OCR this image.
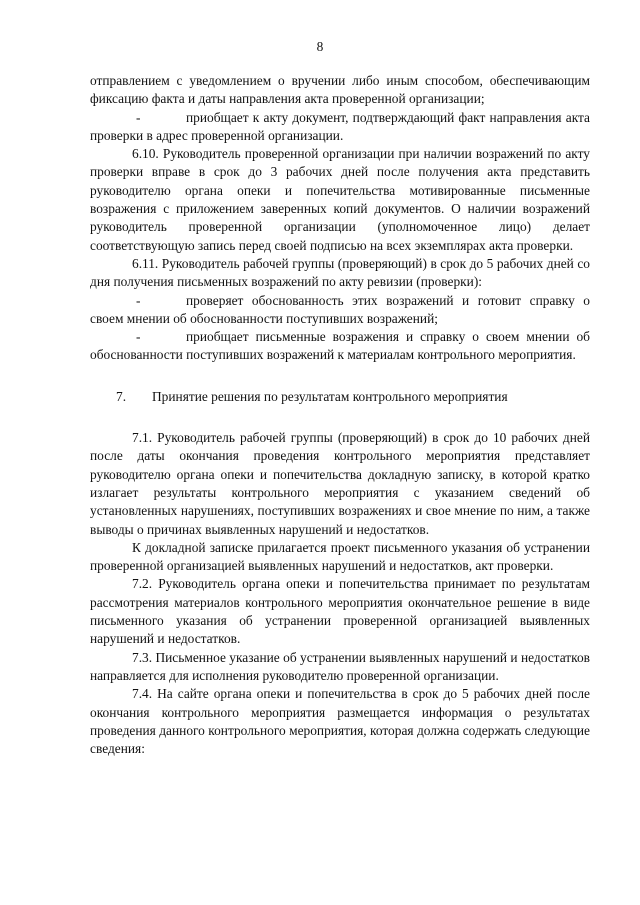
8

отправлением с уведомлением о вручении либо иным способом, обеспечивающим фиксацию факта и даты направления акта проверенной организации;

-	приобщает к акту документ, подтверждающий факт направления акта проверки в адрес проверенной организации.

6.10. Руководитель проверенной организации при наличии возражений по акту проверки вправе в срок до 3 рабочих дней после получения акта представить руководителю органа опеки и попечительства мотивированные письменные возражения с приложением заверенных копий документов. О наличии возражений руководитель проверенной организации (уполномоченное лицо) делает соответствующую запись перед своей подписью на всех экземплярах акта проверки.

6.11. Руководитель рабочей группы (проверяющий) в срок до 5 рабочих дней со дня получения письменных возражений по акту ревизии (проверки):

-	проверяет обоснованность этих возражений и готовит справку о своем мнении об обоснованности поступивших возражений;

-	приобщает письменные возражения и справку о своем мнении об обоснованности поступивших возражений к материалам контрольного мероприятия.

7. Принятие решения по результатам контрольного мероприятия

7.1. Руководитель рабочей группы (проверяющий) в срок до 10 рабочих дней после даты окончания проведения контрольного мероприятия представляет руководителю органа опеки и попечительства докладную записку, в которой кратко излагает результаты контрольного мероприятия с указанием сведений об установленных нарушениях, поступивших возражениях и свое мнение по ним, а также выводы о причинах выявленных нарушений и недостатков.

К докладной записке прилагается проект письменного указания об устранении проверенной организацией выявленных нарушений и недостатков, акт проверки.

7.2. Руководитель органа опеки и попечительства принимает по результатам рассмотрения материалов контрольного мероприятия окончательное решение в виде письменного указания об устранении проверенной организацией выявленных нарушений и недостатков.

7.3. Письменное указание об устранении выявленных нарушений и недостатков направляется для исполнения руководителю проверенной организации.

7.4. На сайте органа опеки и попечительства в срок до 5 рабочих дней после окончания контрольного мероприятия размещается информация о результатах проведения данного контрольного мероприятия, которая должна содержать следующие сведения:
